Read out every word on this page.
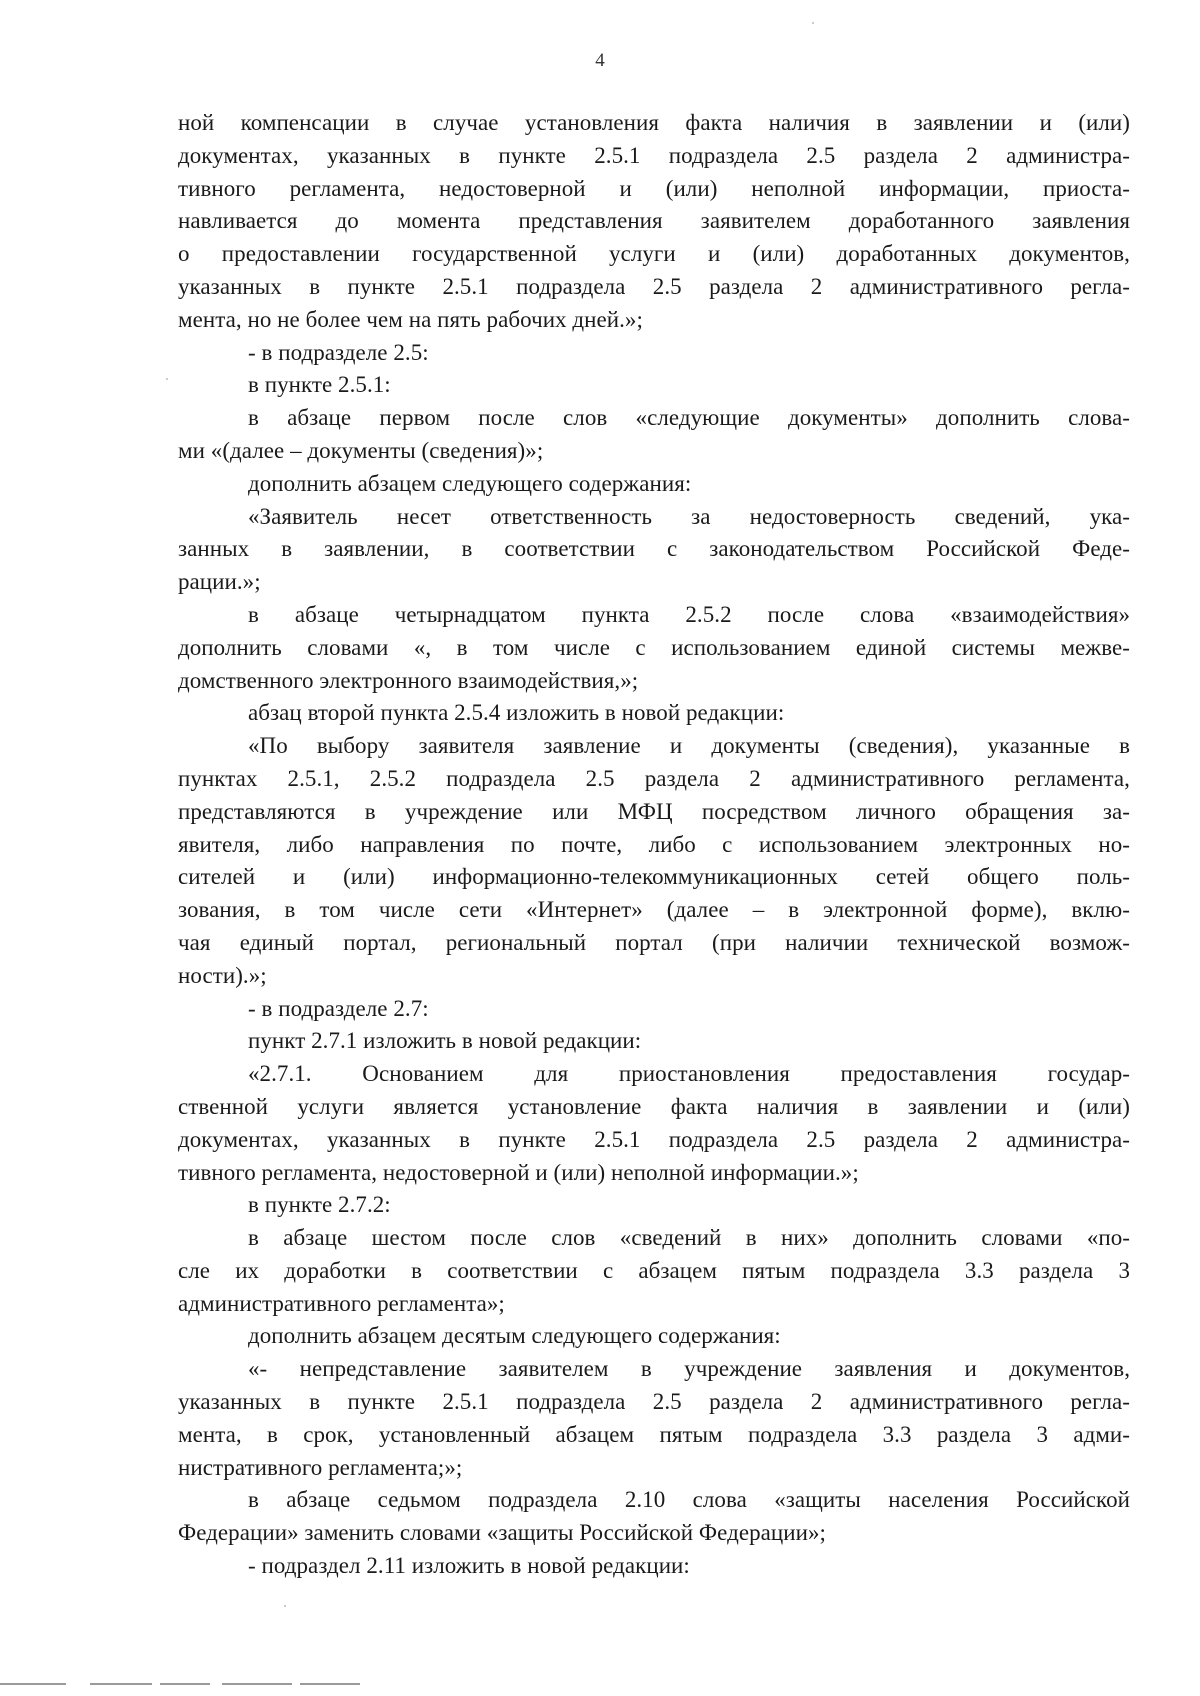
4
ной компенсации в случае установления факта наличия в заявлении и (или)
документах, указанных в пункте 2.5.1 подраздела 2.5 раздела 2 администра-
тивного регламента, недостоверной и (или) неполной информации, приоста-
навливается до момента представления заявителем доработанного заявления
о предоставлении государственной услуги и (или) доработанных документов,
указанных в пункте 2.5.1 подраздела 2.5 раздела 2 административного регла-
мента, но не более чем на пять рабочих дней.»;
- в подразделе 2.5:
в пункте 2.5.1:
в абзаце первом после слов «следующие документы» дополнить слова-
ми «(далее – документы (сведения)»;
дополнить абзацем следующего содержания:
«Заявитель несет ответственность за недостоверность сведений, ука-
занных в заявлении, в соответствии с законодательством Российской Феде-
рации.»;
в абзаце четырнадцатом пункта 2.5.2 после слова «взаимодействия»
дополнить словами «, в том числе с использованием единой системы межве-
домственного электронного взаимодействия,»;
абзац второй пункта 2.5.4 изложить в новой редакции:
«По выбору заявителя заявление и документы (сведения), указанные в
пунктах 2.5.1, 2.5.2 подраздела 2.5 раздела 2 административного регламента,
представляются в учреждение или МФЦ посредством личного обращения за-
явителя, либо направления по почте, либо с использованием электронных но-
сителей и (или) информационно-телекоммуникационных сетей общего поль-
зования, в том числе сети «Интернет» (далее – в электронной форме), вклю-
чая единый портал, региональный портал (при наличии технической возмож-
ности).»;
- в подразделе 2.7:
пункт 2.7.1 изложить в новой редакции:
«2.7.1. Основанием для приостановления предоставления государ-
ственной услуги является установление факта наличия в заявлении и (или)
документах, указанных в пункте 2.5.1 подраздела 2.5 раздела 2 администра-
тивного регламента, недостоверной и (или) неполной информации.»;
в пункте 2.7.2:
в абзаце шестом после слов «сведений в них» дополнить словами «по-
сле их доработки в соответствии с абзацем пятым подраздела 3.3 раздела 3
административного регламента»;
дополнить абзацем десятым следующего содержания:
«- непредставление заявителем в учреждение заявления и документов,
указанных в пункте 2.5.1 подраздела 2.5 раздела 2 административного регла-
мента, в срок, установленный абзацем пятым подраздела 3.3 раздела 3 адми-
нистративного регламента;»;
в абзаце седьмом подраздела 2.10 слова «защиты населения Российской
Федерации» заменить словами «защиты Российской Федерации»;
- подраздел 2.11 изложить в новой редакции:
